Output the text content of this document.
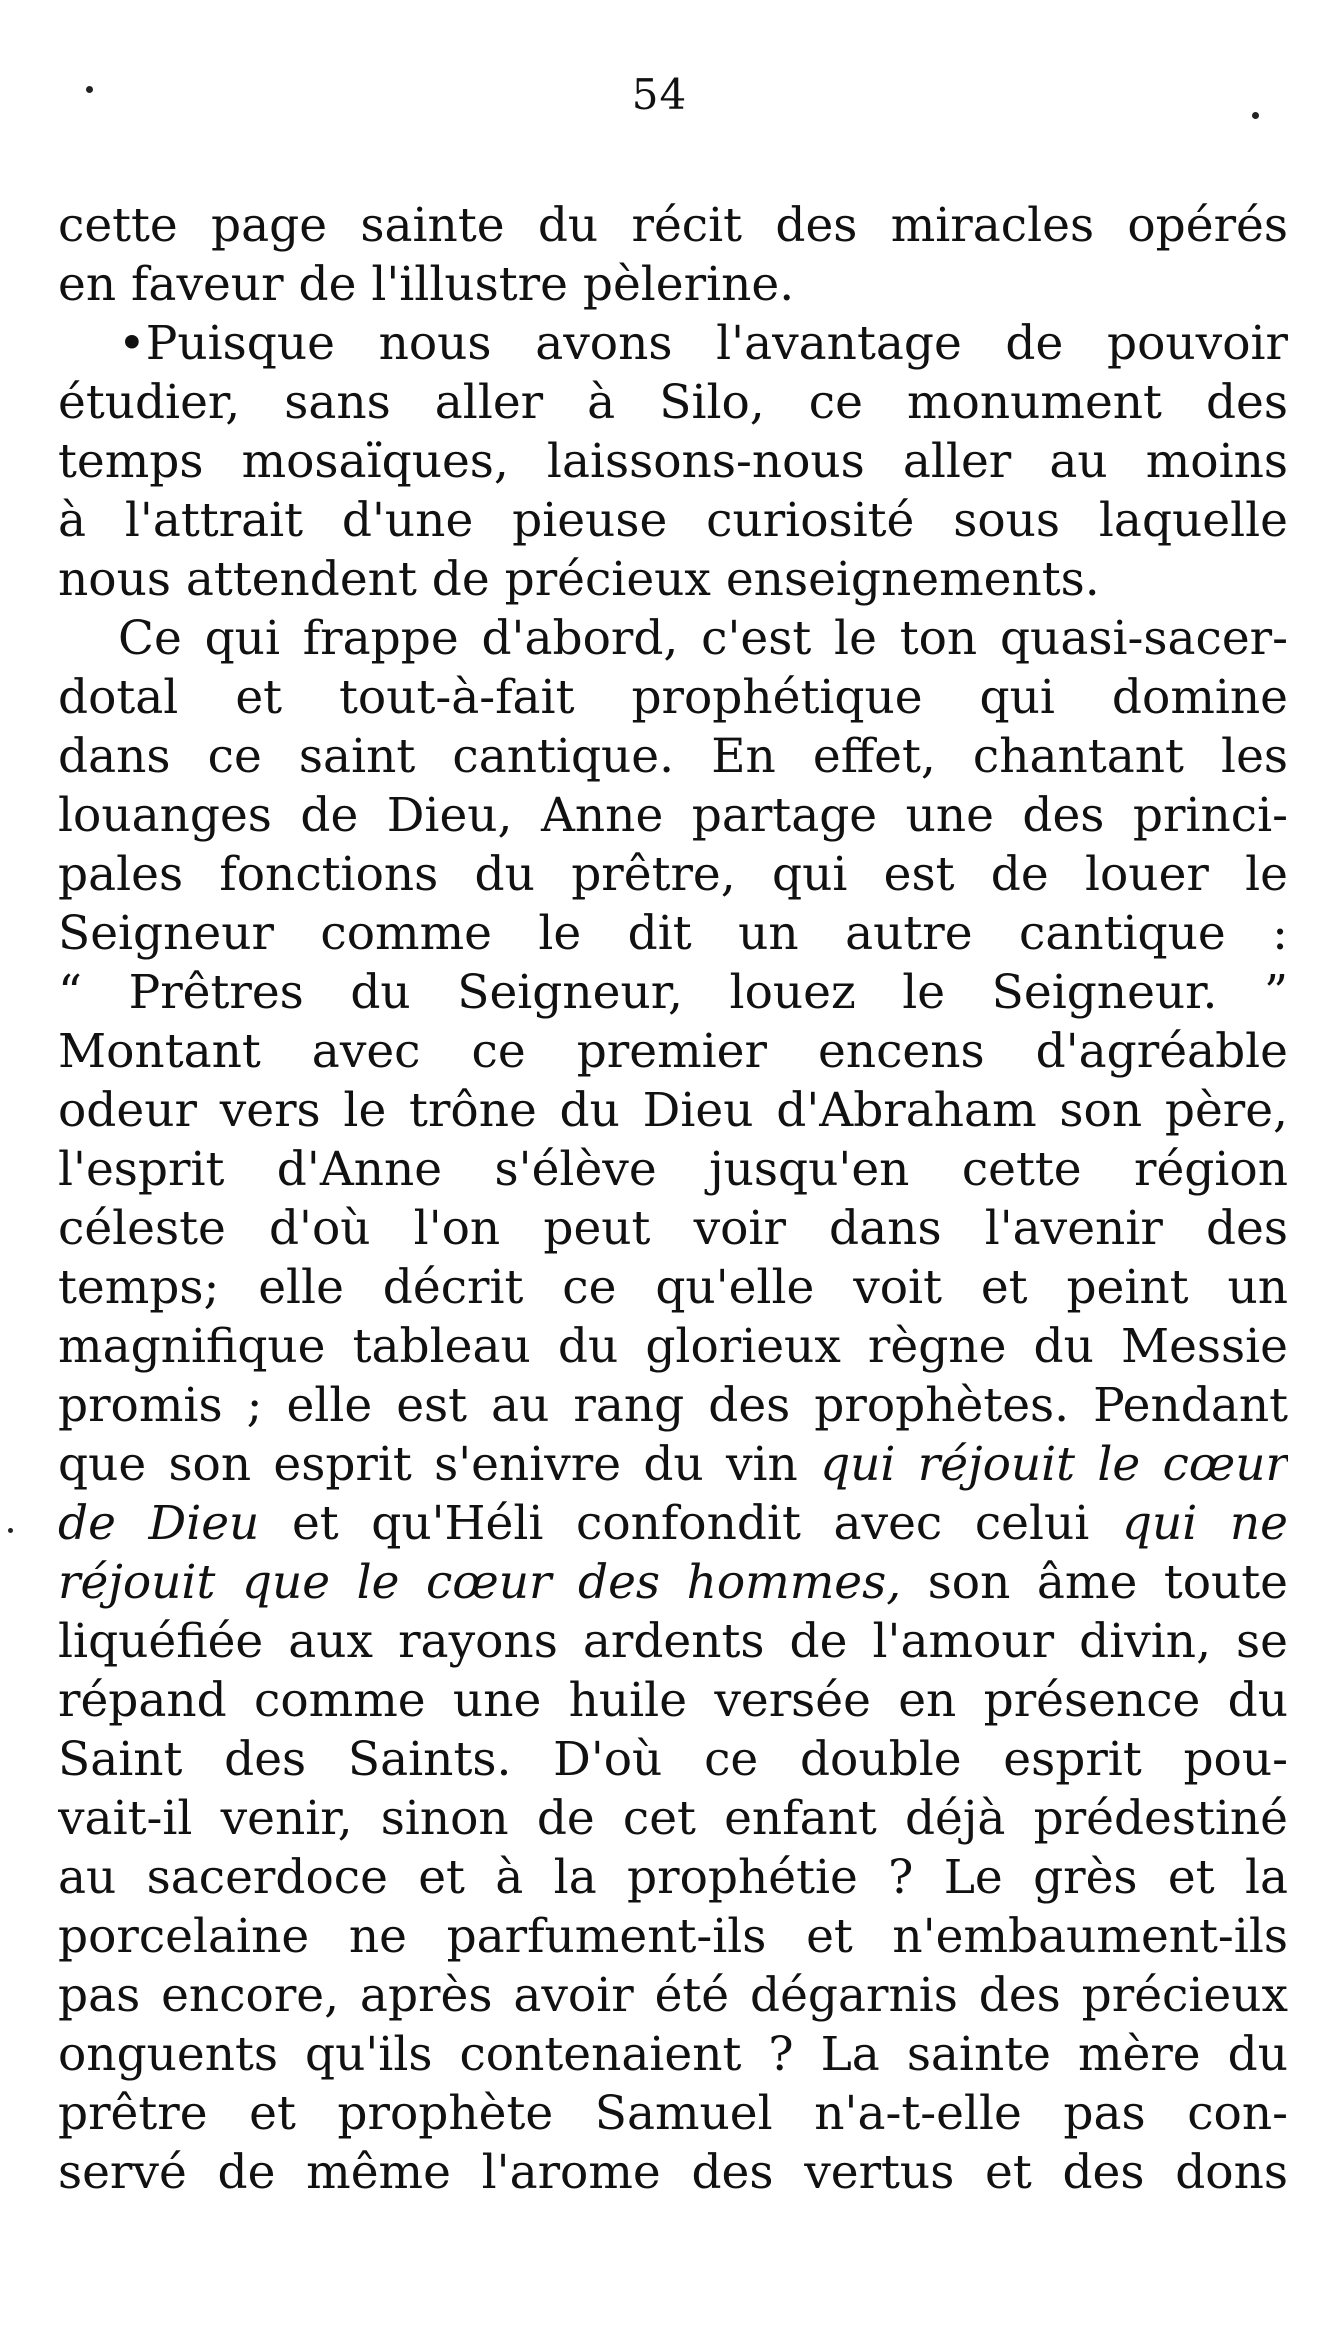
54
cette page sainte du récit des miracles opérés
en faveur de l'illustre pèlerine.
•Puisque nous avons l'avantage de pouvoir
étudier, sans aller à Silo, ce monument des
temps mosaïques, laissons-nous aller au moins
à l'attrait d'une pieuse curiosité sous laquelle
nous attendent de précieux enseignements.
Ce qui frappe d'abord, c'est le ton quasi-sacer-
dotal et tout-à-fait prophétique qui domine
dans ce saint cantique. En effet, chantant les
louanges de Dieu, Anne partage une des princi-
pales fonctions du prêtre, qui est de louer le
Seigneur comme le dit un autre cantique :
“ Prêtres du Seigneur, louez le Seigneur. ”
Montant avec ce premier encens d'agréable
odeur vers le trône du Dieu d'Abraham son père,
l'esprit d'Anne s'élève jusqu'en cette région
céleste d'où l'on peut voir dans l'avenir des
temps; elle décrit ce qu'elle voit et peint un
magnifique tableau du glorieux règne du Messie
promis ; elle est au rang des prophètes. Pendant
que son esprit s'enivre du vin qui réjouit le cœur
de Dieu et qu'Héli confondit avec celui qui ne
réjouit que le cœur des hommes, son âme toute
liquéfiée aux rayons ardents de l'amour divin, se
répand comme une huile versée en présence du
Saint des Saints. D'où ce double esprit pou-
vait-il venir, sinon de cet enfant déjà prédestiné
au sacerdoce et à la prophétie ? Le grès et la
porcelaine ne parfument-ils et n'embaument-ils
pas encore, après avoir été dégarnis des précieux
onguents qu'ils contenaient ? La sainte mère du
prêtre et prophète Samuel n'a-t-elle pas con-
servé de même l'arome des vertus et des dons
